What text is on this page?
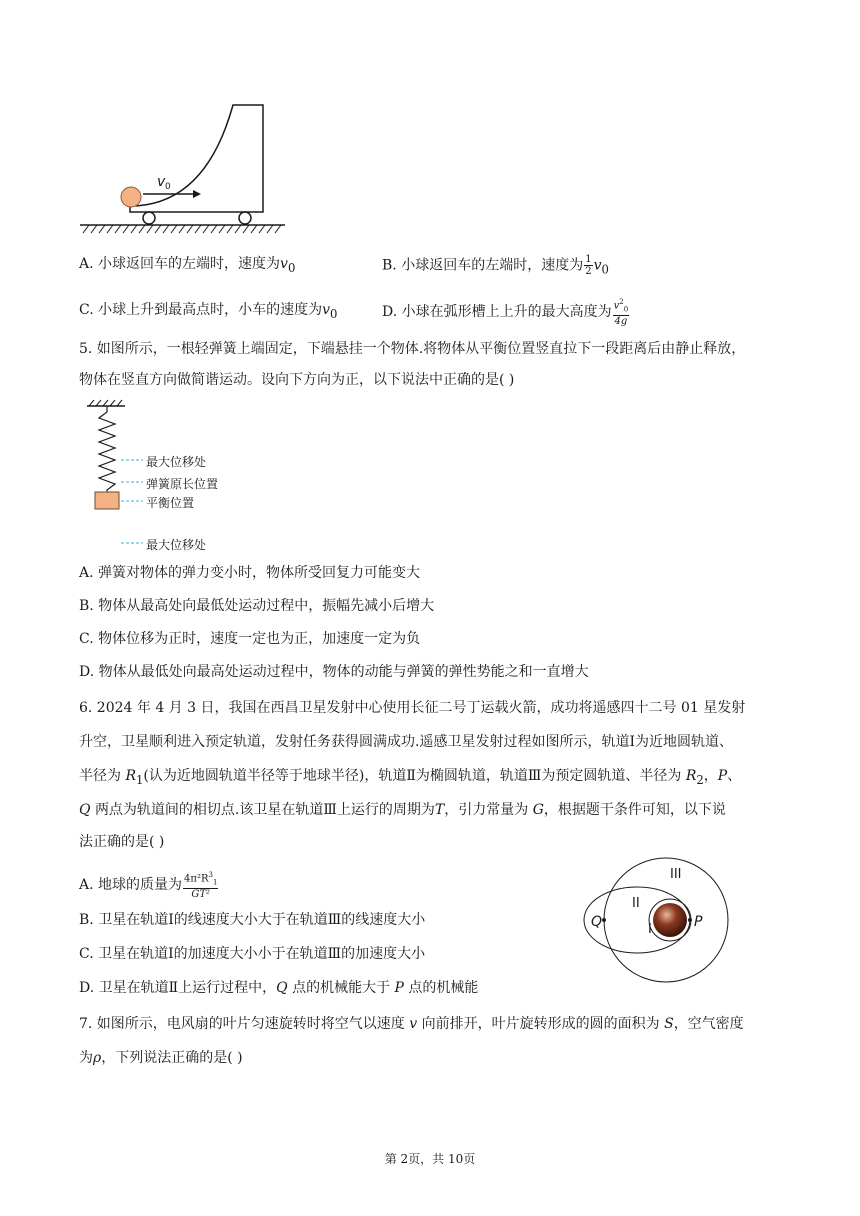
v 0
A. 小球返回车的左端时，速度为$v_0$	B. 小球返回车的左端时，速度为 $\frac{1}{2} v_0$
C. 小球上升到最高点时，小车的速度为$v_0$	D. 小球在弧形槽上上升的最大高度为 $\frac{v^2_0}{4g}$
5. 如图所示，一根轻弹簧上端固定，下端悬挂一个物体.将物体从平衡位置竖直拉下一段距离后由静止释放，
物体在竖直方向做简谐运动。设向下方向为正，以下说法中正确的是( )
最大位移处
弹簧原长位置
平衡位置
最大位移处
A. 弹簧对物体的弹力变小时，物体所受回复力可能变大
B. 物体从最高处向最低处运动过程中，振幅先减小后增大
C. 物体位移为正时，速度一定也为正，加速度一定为负
D. 物体从最低处向最高处运动过程中，物体的动能与弹簧的弹性势能之和一直增大
6. 2024 年 4 月 3 日，我国在西昌卫星发射中心使用长征二号丁运载火箭，成功将遥感四十二号 01 星发射
升空，卫星顺利进入预定轨道，发射任务获得圆满成功.遥感卫星发射过程如图所示，轨道Ⅰ为近地圆轨道、
半径为 $R_1$(认为近地圆轨道半径等于地球半径)，轨道Ⅱ为椭圆轨道，轨道Ⅲ为预定圆轨道、半径为 $R_2$，P、
Q 两点为轨道间的相切点.该卫星在轨道Ⅲ上运行的周期为T，引力常量为 G，根据题干条件可知，以下说
法正确的是( )
A. 地球的质量为 $\frac{4\pi^2R^3_1}{\text{GT²}}$
B. 卫星在轨道Ⅰ的线速度大小大于在轨道Ⅲ的线速度大小
C. 卫星在轨道Ⅰ的加速度大小小于在轨道Ⅲ的加速度大小
D. 卫星在轨道Ⅱ上运行过程中，Q 点的机械能大于 P 点的机械能
III
II
I
Q	P
7. 如图所示，电风扇的叶片匀速旋转时将空气以速度 v 向前排开，叶片旋转形成的圆的面积为 S，空气密度
为ρ，下列说法正确的是( )
第 2页，共 10页
